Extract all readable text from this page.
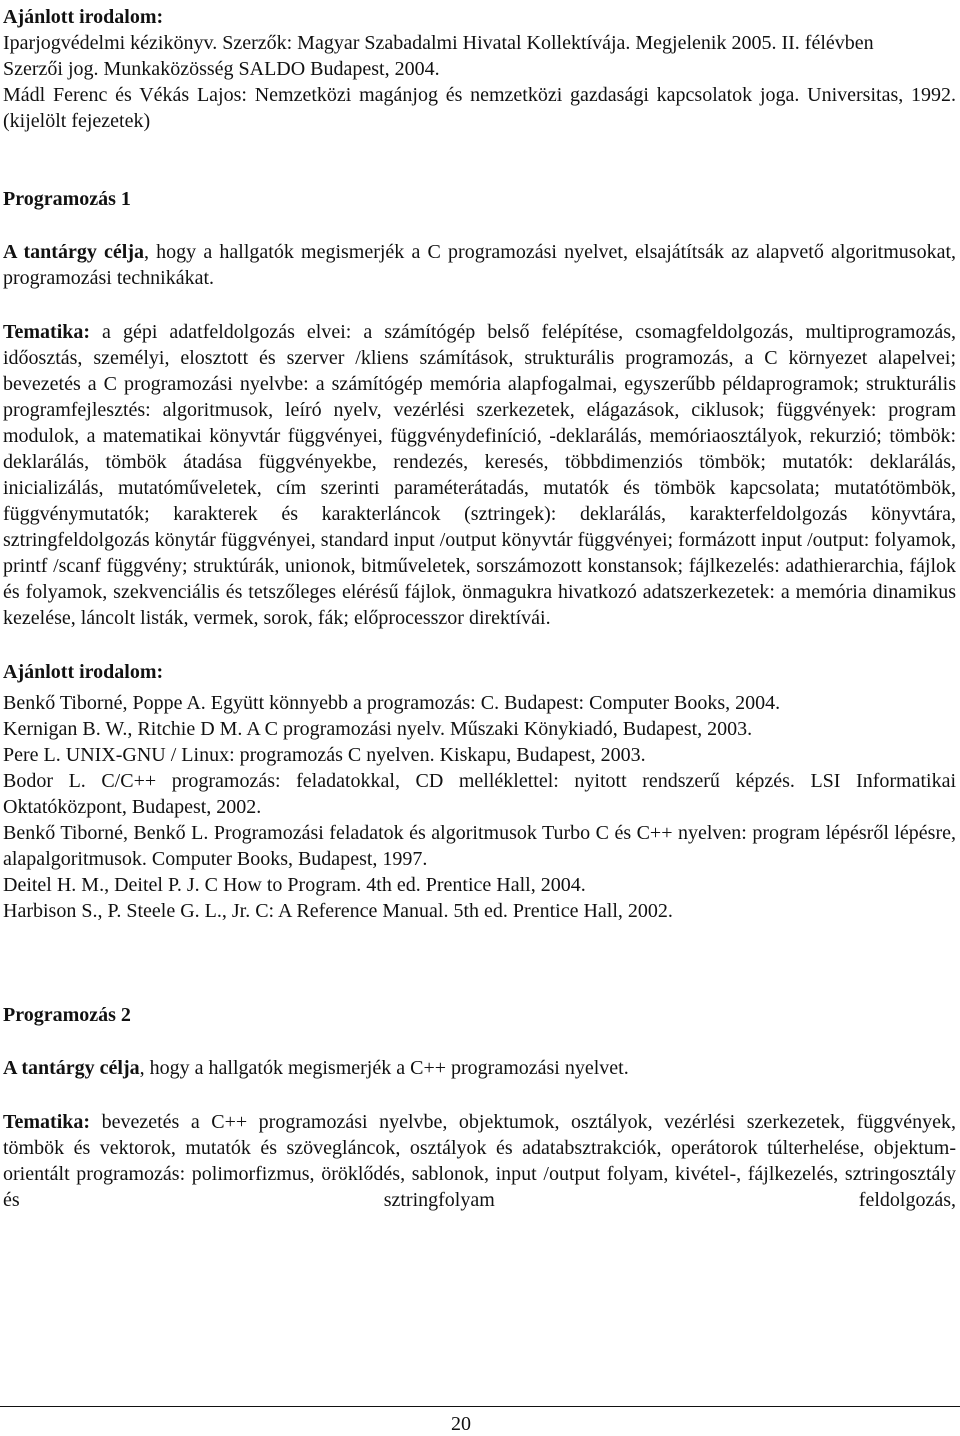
Ajánlott irodalom:

Iparjogvédelmi kézikönyv. Szerzők: Magyar Szabadalmi Hivatal Kollektívája. Megjelenik 2005. II. félévben

Szerzői jog. Munkaközösség SALDO Budapest, 2004.

Mádl Ferenc és Vékás Lajos: Nemzetközi magánjog és nemzetközi gazdasági kapcsolatok joga. Universitas, 1992. (kijelölt fejezetek)

Programozás 1

A tantárgy célja, hogy a hallgatók megismerjék a C programozási nyelvet, elsajátítsák az alapvető algoritmusokat, programozási technikákat.

Tematika: a gépi adatfeldolgozás elvei: a számítógép belső felépítése, csomagfeldolgozás, multiprogramozás, időosztás, személyi, elosztott és szerver /kliens számítások, strukturális programozás, a C környezet alapelvei; bevezetés a C programozási nyelvbe: a számítógép memória alapfogalmai, egyszerűbb példaprogramok; strukturális programfejlesztés: algoritmusok, leíró nyelv, vezérlési szerkezetek, elágazások, ciklusok; függvények: program modulok, a matematikai könyvtár függvényei, függvénydefiníció, -deklarálás, memóriaosztályok, rekurzió; tömbök: deklarálás, tömbök átadása függvényekbe, rendezés, keresés, többdimenziós tömbök; mutatók: deklarálás, inicializálás, mutatóműveletek, cím szerinti paraméterátadás, mutatók és tömbök kapcsolata; mutatótömbök, függvénymutatók; karakterek és karakterláncok (sztringek): deklarálás, karakterfeldolgozás könyvtára, sztringfeldolgozás könytár függvényei, standard input /output könyvtár függvényei; formázott input /output: folyamok, printf /scanf függvény; struktúrák, unionok, bitműveletek, sorszámozott konstansok; fájlkezelés: adathierarchia, fájlok és folyamok, szekvenciális és tetszőleges elérésű fájlok, önmagukra hivatkozó adatszerkezetek: a memória dinamikus kezelése, láncolt listák, vermek, sorok, fák; előprocesszor direktívái.

Ajánlott irodalom:

Benkő Tiborné, Poppe A. Együtt könnyebb a programozás: C. Budapest: Computer Books, 2004.

Kernigan B. W., Ritchie D M. A C programozási nyelv. Műszaki Könykiadó, Budapest, 2003.

Pere L. UNIX-GNU / Linux: programozás C nyelven. Kiskapu, Budapest, 2003.

Bodor L. C/C++ programozás: feladatokkal, CD melléklettel: nyitott rendszerű képzés. LSI Informatikai Oktatóközpont, Budapest, 2002.

Benkő Tiborné, Benkő L. Programozási feladatok és algoritmusok Turbo C és C++ nyelven: program lépésről lépésre, alapalgoritmusok. Computer Books, Budapest, 1997.

Deitel H. M., Deitel P. J. C How to Program. 4th ed. Prentice Hall, 2004.

Harbison S., P. Steele G. L., Jr. C: A Reference Manual. 5th ed. Prentice Hall, 2002.

Programozás 2

A tantárgy célja, hogy a hallgatók megismerjék a C++ programozási nyelvet.

Tematika: bevezetés a C++ programozási nyelvbe, objektumok, osztályok, vezérlési szerkezetek, függvények, tömbök és vektorok, mutatók és szövegláncok, osztályok és adatabsztrakciók, operátorok túlterhelése, objektum-orientált programozás: polimorfizmus, öröklődés, sablonok, input /output folyam, kivétel-, fájlkezelés, sztringosztály és sztringfolyam feldolgozás,

20
